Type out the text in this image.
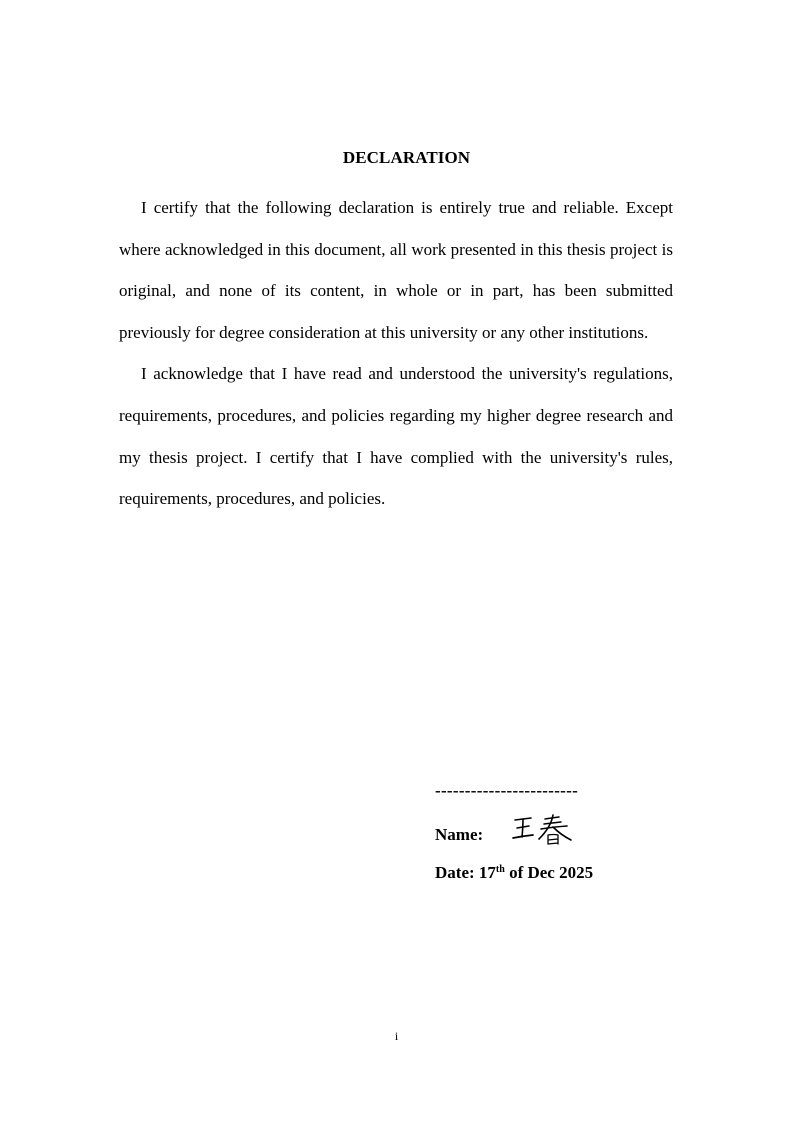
DECLARATION

I certify that the following declaration is entirely true and reliable. Except where acknowledged in this document, all work presented in this thesis project is original, and none of its content, in whole or in part, has been submitted previously for degree consideration at this university or any other institutions.

I acknowledge that I have read and understood the university's regulations, requirements, procedures, and policies regarding my higher degree research and my thesis project. I certify that I have complied with the university's rules, requirements, procedures, and policies.

------------------------
Name:
Date: 17th of Dec 2025
i
